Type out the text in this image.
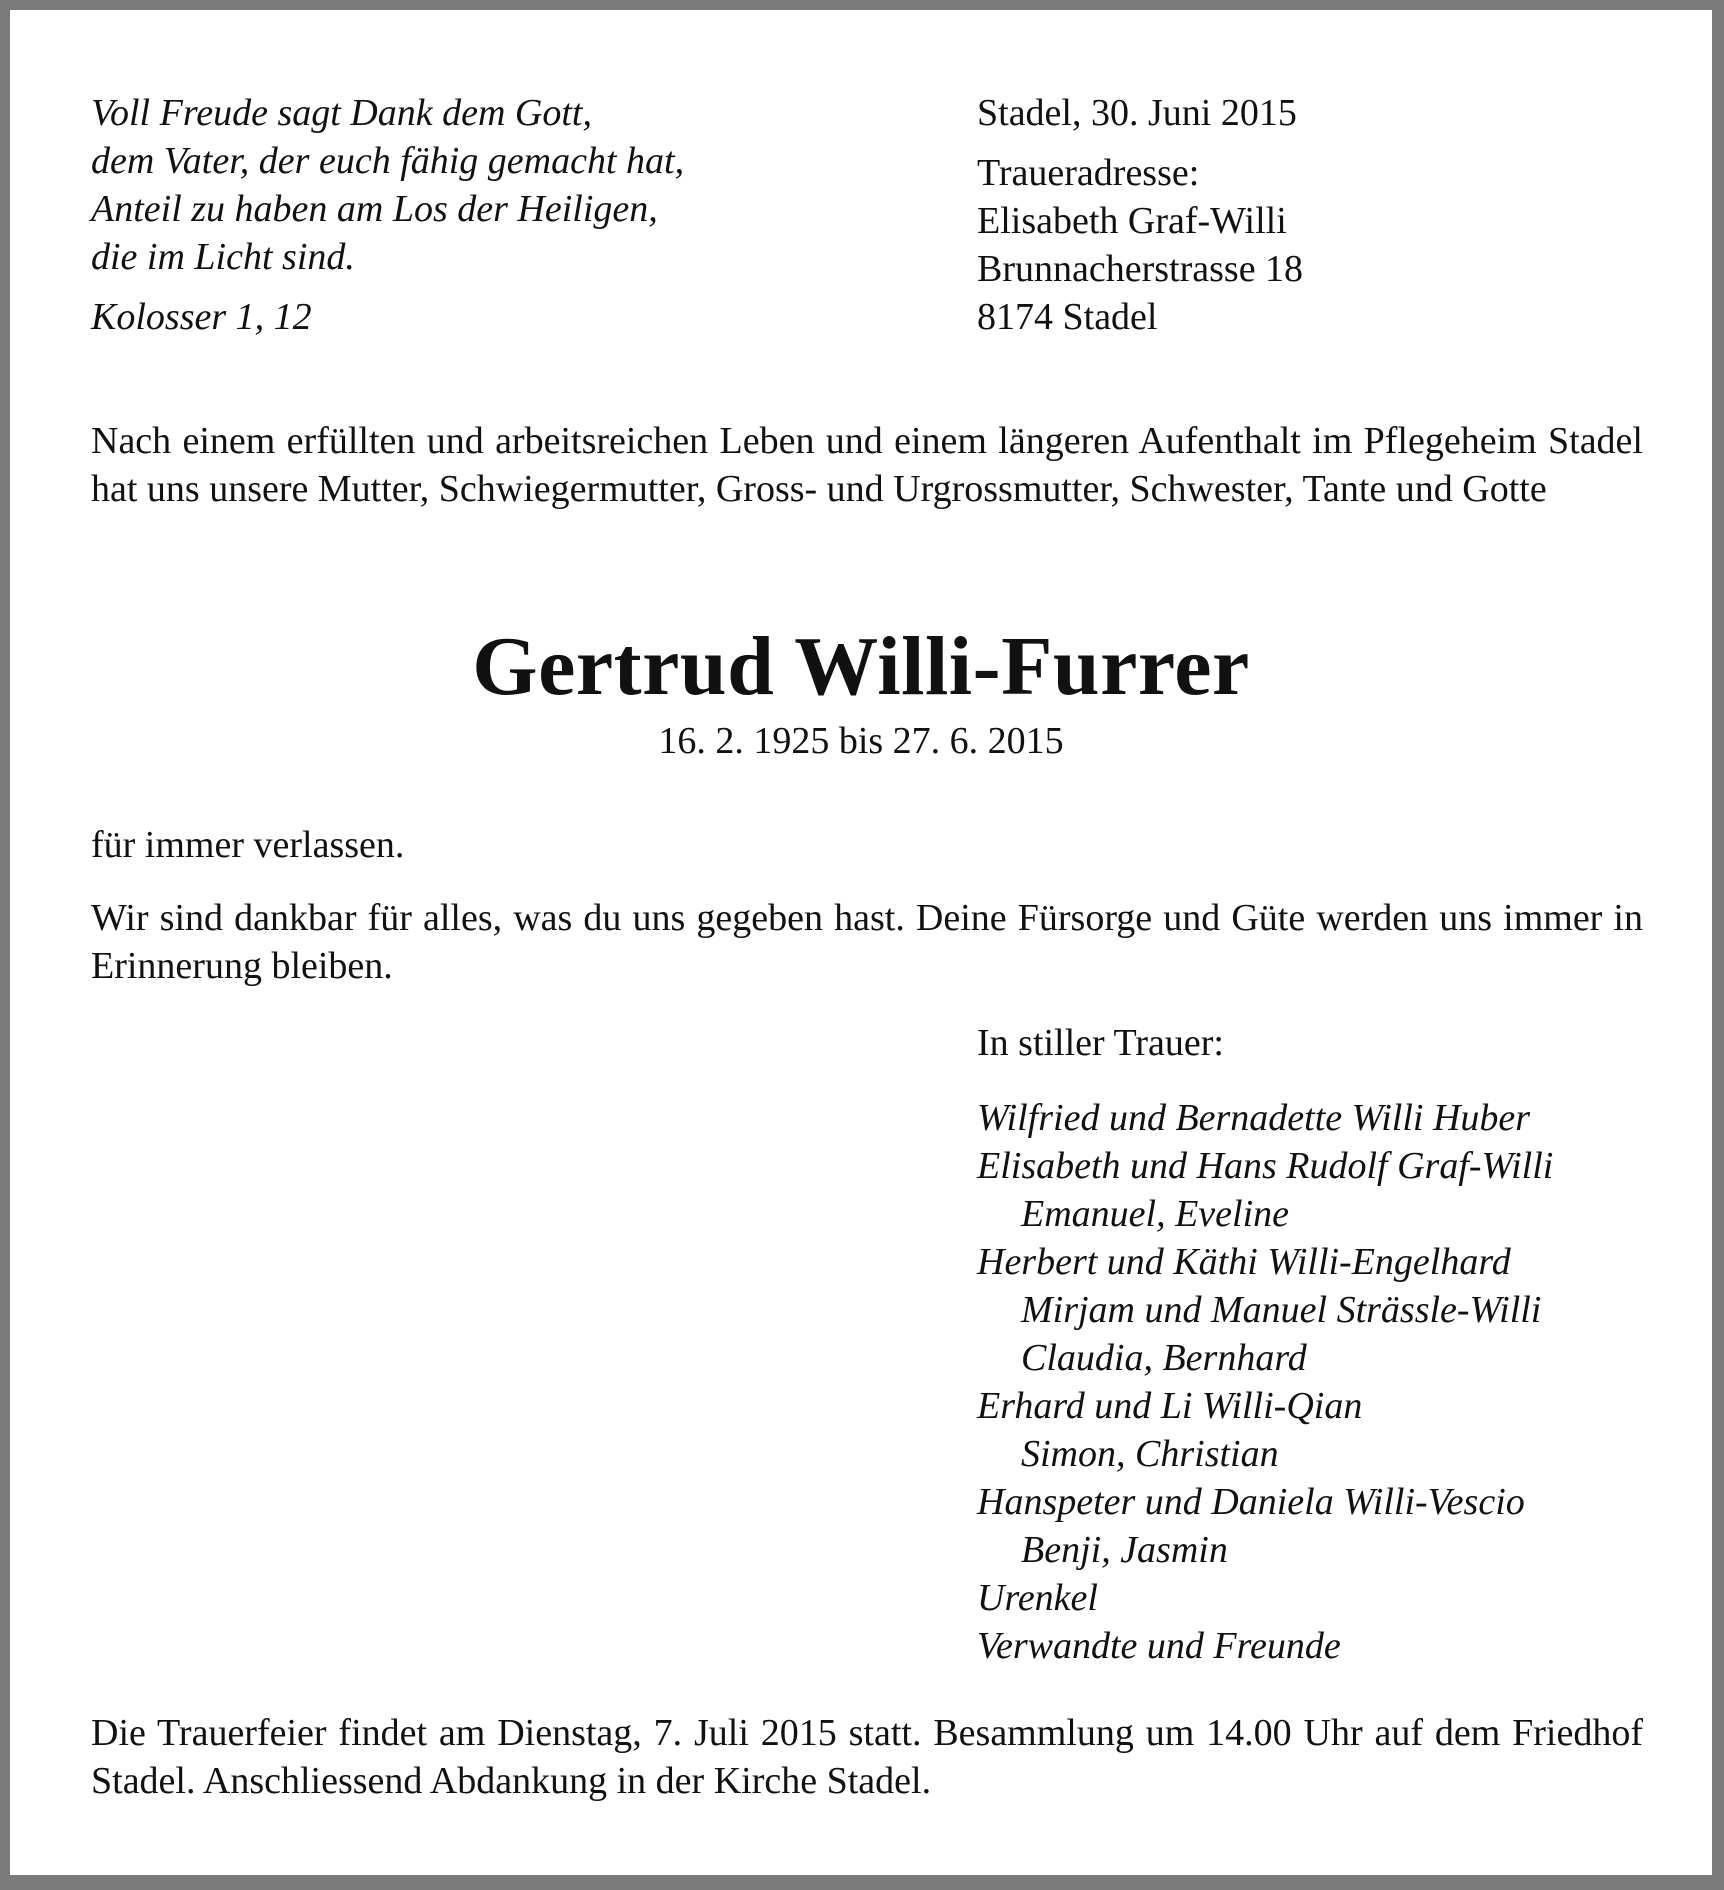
Voll Freude sagt Dank dem Gott,
dem Vater, der euch fähig gemacht hat,
Anteil zu haben am Los der Heiligen,
die im Licht sind.
Kolosser 1, 12
Stadel, 30. Juni 2015
Traueradresse:
Elisabeth Graf-Willi
Brunnacherstrasse 18
8174 Stadel
Nach einem erfüllten und arbeitsreichen Leben und einem längeren Aufenthalt im Pflegeheim Stadel hat uns unsere Mutter, Schwiegermutter, Gross- und Urgrossmutter, Schwester, Tante und Gotte
Gertrud Willi-Furrer
16. 2. 1925 bis 27. 6. 2015
für immer verlassen.
Wir sind dankbar für alles, was du uns gegeben hast. Deine Fürsorge und Güte werden uns immer in Erinnerung bleiben.
In stiller Trauer:
Wilfried und Bernadette Willi Huber
Elisabeth und Hans Rudolf Graf-Willi
Emanuel, Eveline
Herbert und Käthi Willi-Engelhard
Mirjam und Manuel Strässle-Willi
Claudia, Bernhard
Erhard und Li Willi-Qian
Simon, Christian
Hanspeter und Daniela Willi-Vescio
Benji, Jasmin
Urenkel
Verwandte und Freunde
Die Trauerfeier findet am Dienstag, 7. Juli 2015 statt. Besammlung um 14.00 Uhr auf dem Friedhof Stadel. Anschliessend Abdankung in der Kirche Stadel.
